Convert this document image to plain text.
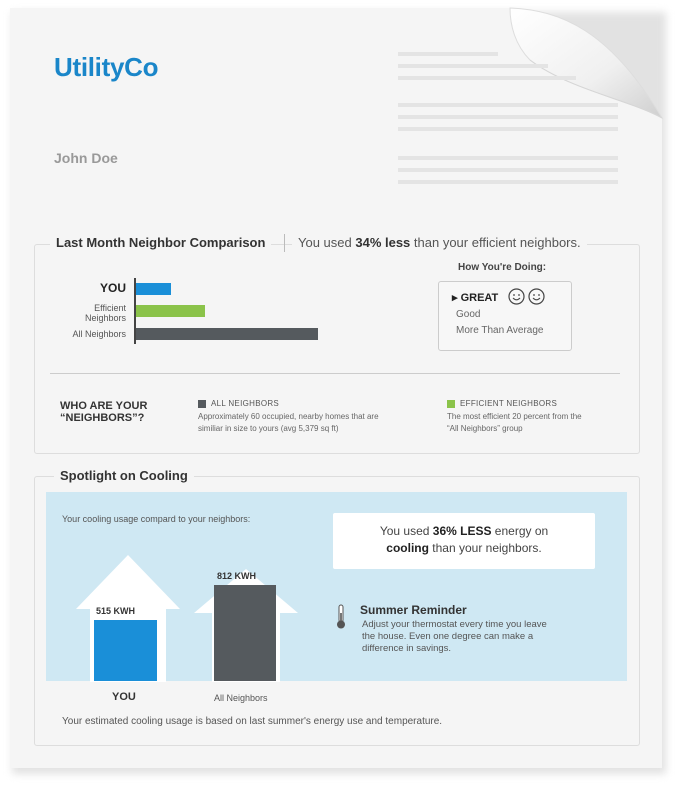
UtilityCo
John Doe
Last Month Neighbor Comparison	You used 34% less than your efficient neighbors.
YOU
Efficient
Neighbors
All Neighbors
How You're Doing:
▸ GREAT
Good
More Than Average
WHO ARE YOUR
“NEIGHBORS”?
ALL NEIGHBORS
Approximately 60 occupied, nearby homes that are
similiar in size to yours (avg 5,379 sq ft)
EFFICIENT NEIGHBORS
The most efficient 20 percent from the
“All Neighbors” group
Spotlight on Cooling
Your cooling usage compard to your neighbors:
You used 36% LESS energy on
cooling than your neighbors.
515 KWH
812 KWH
YOU	All Neighbors
Summer Reminder
Adjust your thermostat every time you leave the house. Even one degree can make a difference in savings.
Your estimated cooling usage is based on last summer's energy use and temperature.
